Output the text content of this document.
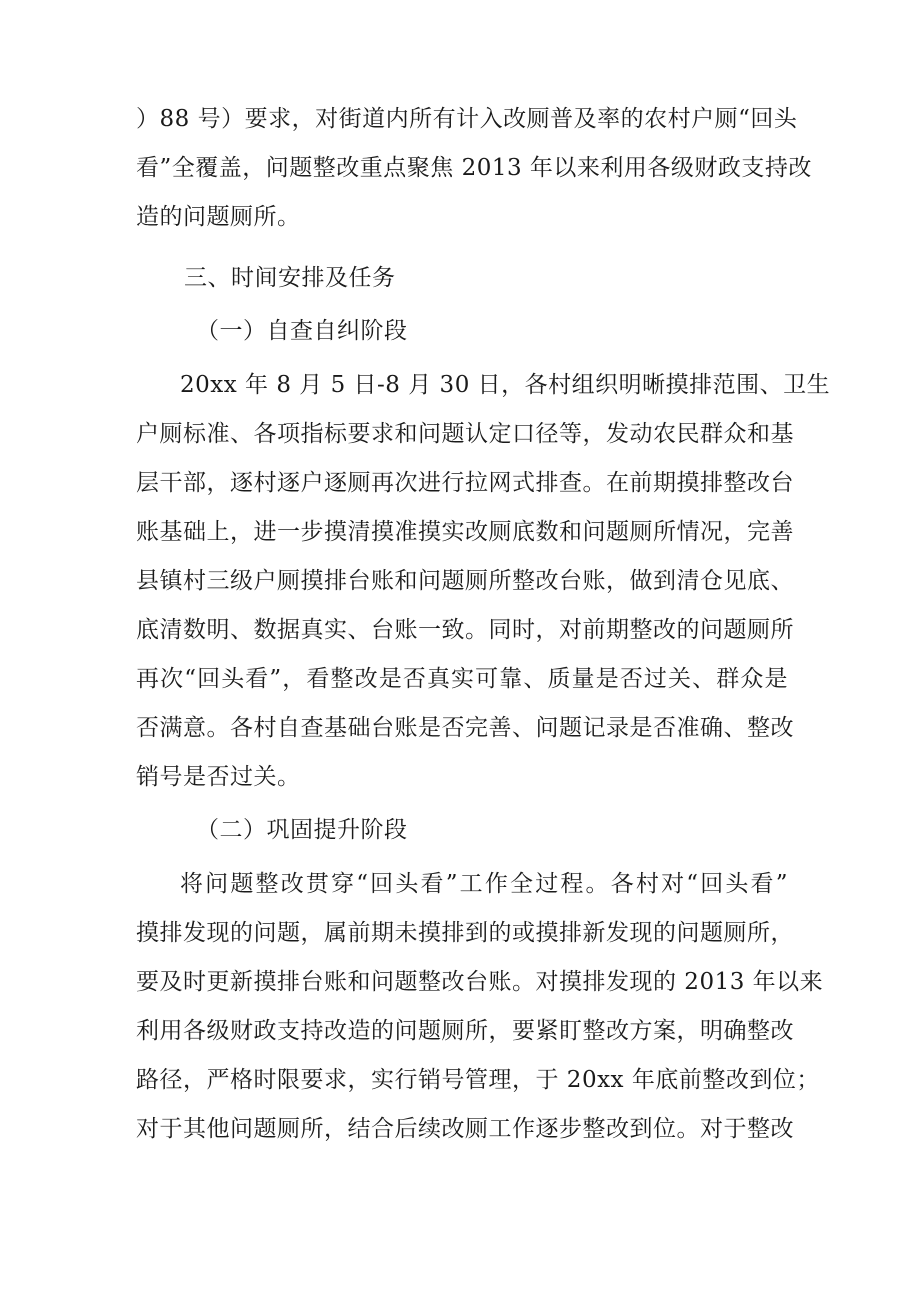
）88 号）要求，对街道内所有计入改厕普及率的农村户厕“回头
看”全覆盖，问题整改重点聚焦 2013 年以来利用各级财政支持改
造的问题厕所。
三、时间安排及任务
（一）自查自纠阶段
20xx 年 8 月 5 日-8 月 30 日，各村组织明晰摸排范围、卫生
户厕标准、各项指标要求和问题认定口径等，发动农民群众和基
层干部，逐村逐户逐厕再次进行拉网式排查。在前期摸排整改台
账基础上，进一步摸清摸准摸实改厕底数和问题厕所情况，完善
县镇村三级户厕摸排台账和问题厕所整改台账，做到清仓见底、
底清数明、数据真实、台账一致。同时，对前期整改的问题厕所
再次“回头看”，看整改是否真实可靠、质量是否过关、群众是
否满意。各村自查基础台账是否完善、问题记录是否准确、整改
销号是否过关。
（二）巩固提升阶段
将问题整改贯穿“回头看”工作全过程。各村对“回头看”
摸排发现的问题，属前期未摸排到的或摸排新发现的问题厕所，
要及时更新摸排台账和问题整改台账。对摸排发现的 2013 年以来
利用各级财政支持改造的问题厕所，要紧盯整改方案，明确整改
路径，严格时限要求，实行销号管理，于 20xx 年底前整改到位；
对于其他问题厕所，结合后续改厕工作逐步整改到位。对于整改
